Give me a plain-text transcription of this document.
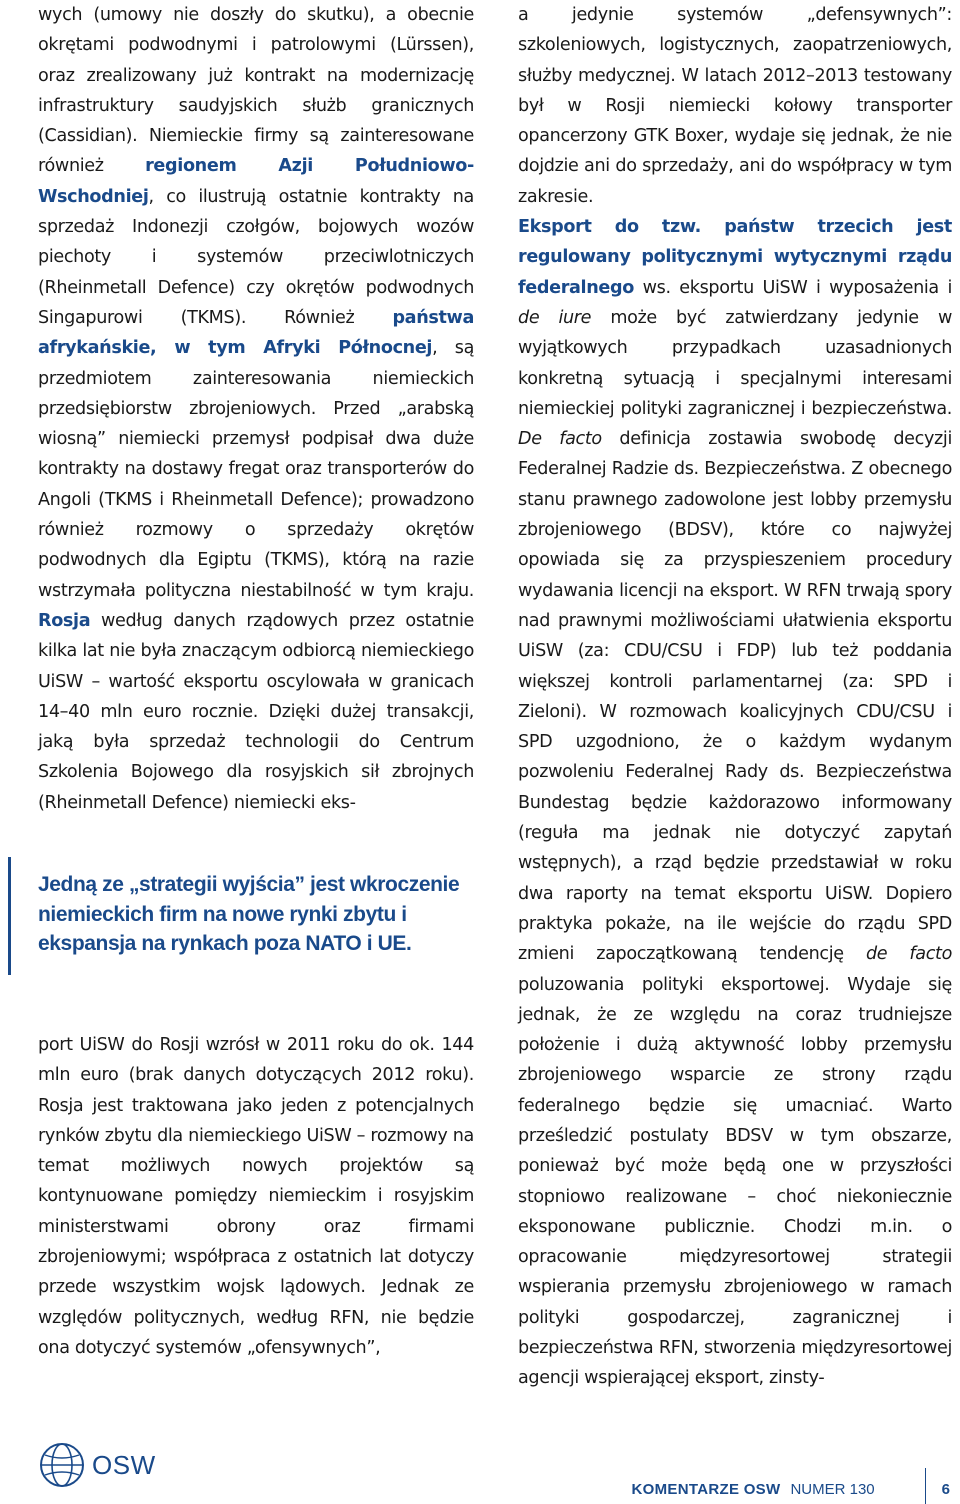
wych (umowy nie doszły do skutku), a obecnie okrętami podwodnymi i patrolowymi (Lürssen), oraz zrealizowany już kontrakt na modernizację infrastruktury saudyjskich służb granicznych (Cassidian). Niemieckie firmy są zainteresowane również regionem Azji Południowo-Wschodniej, co ilustrują ostatnie kontrakty na sprzedaż Indonezji czołgów, bojowych wozów piechoty i systemów przeciwlotniczych (Rheinmetall Defence) czy okrętów podwodnych Singapurowi (TKMS). Również państwa afrykańskie, w tym Afryki Północnej, są przedmiotem zainteresowania niemieckich przedsiębiorstw zbrojeniowych. Przed „arabską wiosną” niemiecki przemysł podpisał dwa duże kontrakty na dostawy fregat oraz transporterów do Angoli (TKMS i Rheinmetall Defence); prowadzono również rozmowy o sprzedaży okrętów podwodnych dla Egiptu (TKMS), którą na razie wstrzymała polityczna niestabilność w tym kraju. Rosja według danych rządowych przez ostatnie kilka lat nie była znaczącym odbiorcą niemieckiego UiSW – wartość eksportu oscylowała w granicach 14–40 mln euro rocznie. Dzięki dużej transakcji, jaką była sprzedaż technologii do Centrum Szkolenia Bojowego dla rosyjskich sił zbrojnych (Rheinmetall Defence) niemiecki eks-

Jedną ze „strategii wyjścia” jest wkroczenie niemieckich firm na nowe rynki zbytu i ekspansja na rynkach poza NATO i UE.

port UiSW do Rosji wzrósł w 2011 roku do ok. 144 mln euro (brak danych dotyczących 2012 roku). Rosja jest traktowana jako jeden z potencjalnych rynków zbytu dla niemieckiego UiSW – rozmowy na temat możliwych nowych projektów są kontynuowane pomiędzy niemieckim i rosyjskim ministerstwami obrony oraz firmami zbrojeniowymi; współpraca z ostatnich lat dotyczy przede wszystkim wojsk lądowych. Jednak ze względów politycznych, według RFN, nie będzie ona dotyczyć systemów „ofensywnych”,

a jedynie systemów „defensywnych”: szkoleniowych, logistycznych, zaopatrzeniowych, służby medycznej. W latach 2012–2013 testowany był w Rosji niemiecki kołowy transporter opancerzony GTK Boxer, wydaje się jednak, że nie dojdzie ani do sprzedaży, ani do współpracy w tym zakresie.

Eksport do tzw. państw trzecich jest regulowany politycznymi wytycznymi rządu federalnego ws. eksportu UiSW i wyposażenia i de iure może być zatwierdzany jedynie w wyjątkowych przypadkach uzasadnionych konkretną sytuacją i specjalnymi interesami niemieckiej polityki zagranicznej i bezpieczeństwa. De facto definicja zostawia swobodę decyzji Federalnej Radzie ds. Bezpieczeństwa. Z obecnego stanu prawnego zadowolone jest lobby przemysłu zbrojeniowego (BDSV), które co najwyżej opowiada się za przyspieszeniem procedury wydawania licencji na eksport. W RFN trwają spory nad prawnymi możliwościami ułatwienia eksportu UiSW (za: CDU/CSU i FDP) lub też poddania większej kontroli parlamentarnej (za: SPD i Zieloni). W rozmowach koalicyjnych CDU/CSU i SPD uzgodniono, że o każdym wydanym pozwoleniu Federalnej Rady ds. Bezpieczeństwa Bundestag będzie każdorazowo informowany (reguła ma jednak nie dotyczyć zapytań wstępnych), a rząd będzie przedstawiał w roku dwa raporty na temat eksportu UiSW. Dopiero praktyka pokaże, na ile wejście do rządu SPD zmieni zapoczątkowaną tendencję de facto poluzowania polityki eksportowej. Wydaje się jednak, że ze względu na coraz trudniejsze położenie i dużą aktywność lobby przemysłu zbrojeniowego wsparcie ze strony rządu federalnego będzie się umacniać. Warto prześledzić postulaty BDSV w tym obszarze, ponieważ być może będą one w przyszłości stopniowo realizowane – choć niekoniecznie eksponowane publicznie. Chodzi m.in. o opracowanie międzyresortowej strategii wspierania przemysłu zbrojeniowego w ramach polityki gospodarczej, zagranicznej i bezpieczeństwa RFN, stworzenia międzyresortowej agencji wspierającej eksport, zinsty-

OSW
KOMENTARZE OSW NUMER 130	6
